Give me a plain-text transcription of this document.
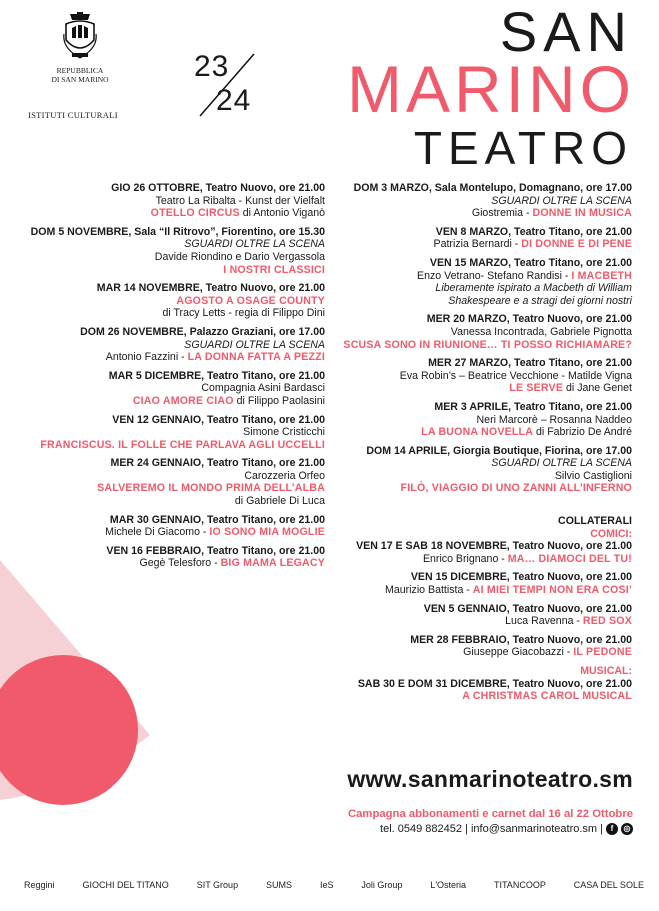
REPUBBLICA
DI SAN MARINO
ISTITUTI CULTURALI
23
24
SAN
MARINO
TEATRO
GIO 26 OTTOBRE, Teatro Nuovo, ore 21.00
Teatro La Ribalta - Kunst der Vielfalt
OTELLO CIRCUS di Antonio Viganò
DOM 5 NOVEMBRE, Sala “Il Ritrovo”, Fiorentino, ore 15.30
SGUARDI OLTRE LA SCENA
Davide Riondino e Dario Vergassola
I NOSTRI CLASSICI
MAR 14 NOVEMBRE, Teatro Nuovo, ore 21.00
AGOSTO A OSAGE COUNTY
di Tracy Letts - regia di Filippo Dini
DOM 26 NOVEMBRE, Palazzo Graziani, ore 17.00
SGUARDI OLTRE LA SCENA
Antonio Fazzini - LA DONNA FATTA A PEZZI
MAR 5 DICEMBRE, Teatro Titano, ore 21.00
Compagnia Asini Bardasci
CIAO AMORE CIAO di Filippo Paolasini
VEN 12 GENNAIO, Teatro Titano, ore 21.00
Simone Cristicchi
FRANCISCUS. IL FOLLE CHE PARLAVA AGLI UCCELLI
MER 24 GENNAIO, Teatro Titano, ore 21.00
Carozzeria Orfeo
SALVEREMO IL MONDO PRIMA DELL’ALBA
di Gabriele Di Luca
MAR 30 GENNAIO, Teatro Titano, ore 21.00
Michele Di Giacomo - IO SONO MIA MOGLIE
VEN 16 FEBBRAIO, Teatro Titano, ore 21.00
Gegè Telesforo - BIG MAMA LEGACY
DOM 3 MARZO, Sala Montelupo, Domagnano, ore 17.00
SGUARDI OLTRE LA SCENA
Giostremia - DONNE IN MUSICA
VEN 8 MARZO, Teatro Titano, ore 21.00
Patrizia Bernardi - DI DONNE E DI PENE
VEN 15 MARZO, Teatro Titano, ore 21.00
Enzo Vetrano- Stefano Randisi - I MACBETH
Liberamente ispirato a Macbeth di William
Shakespeare e a stragi dei giorni nostri
MER 20 MARZO, Teatro Nuovo, ore 21.00
Vanessa Incontrada, Gabriele Pignotta
SCUSA SONO IN RIUNIONE… TI POSSO RICHIAMARE?
MER 27 MARZO, Teatro Titano, ore 21.00
Eva Robin’s – Beatrice Vecchione - Matilde Vigna
LE SERVE di Jane Genet
MER 3 APRILE, Teatro Titano, ore 21.00
Neri Marcorè – Rosanna Naddeo
LA BUONA NOVELLA di Fabrizio De André
DOM 14 APRILE, Giorgia Boutique, Fiorina, ore 17.00
SGUARDI OLTRE LA SCENA
Silvio Castiglioni
FILÒ, VIAGGIO DI UNO ZANNI ALL’INFERNO
COLLATERALI
COMICI:
VEN 17 E SAB 18 NOVEMBRE, Teatro Nuovo, ore 21.00
Enrico Brignano - MA… DIAMOCI DEL TU!
VEN 15 DICEMBRE, Teatro Nuovo, ore 21.00
Maurizio Battista - AI MIEI TEMPI NON ERA COSI’
VEN 5 GENNAIO, Teatro Nuovo, ore 21.00
Luca Ravenna - RED SOX
MER 28 FEBBRAIO, Teatro Nuovo, ore 21.00
Giuseppe Giacobazzi - IL PEDONE
MUSICAL:
SAB 30 E DOM 31 DICEMBRE, Teatro Nuovo, ore 21.00
A CHRISTMAS CAROL MUSICAL
www.sanmarinoteatro.sm
Campagna abbonamenti e carnet dal 16 al 22 Ottobre
tel. 0549 882452 | info@sanmarinoteatro.sm | f	◎
Reggini	GIOCHI DEL TITANO	SIT Group	SUMS	IeS	Joli Group	L'Osteria	TITANCOOP	CASA DEL SOLE
